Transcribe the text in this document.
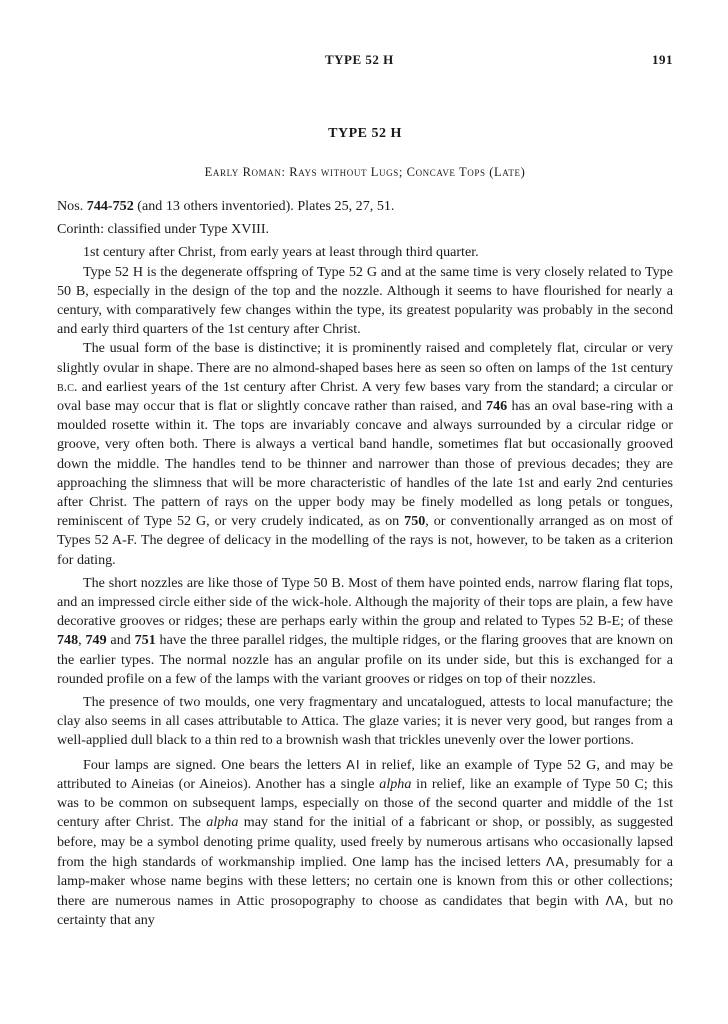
TYPE 52 H	191
TYPE 52 H
Early Roman: Rays without Lugs; Concave Tops (Late)

Nos. 744-752 (and 13 others inventoried). Plates 25, 27, 51.

Corinth: classified under Type XVIII.

1st century after Christ, from early years at least through third quarter.

Type 52 H is the degenerate offspring of Type 52 G and at the same time is very closely related to Type 50 B, especially in the design of the top and the nozzle. Although it seems to have flourished for nearly a century, with comparatively few changes within the type, its greatest popularity was probably in the second and early third quarters of the 1st century after Christ.

The usual form of the base is distinctive; it is prominently raised and completely flat, circular or very slightly ovular in shape. There are no almond-shaped bases here as seen so often on lamps of the 1st century b.c. and earliest years of the 1st century after Christ. A very few bases vary from the standard; a circular or oval base may occur that is flat or slightly concave rather than raised, and 746 has an oval base-ring with a moulded rosette within it. The tops are invariably concave and always surrounded by a circular ridge or groove, very often both. There is always a vertical band handle, sometimes flat but occasionally grooved down the middle. The handles tend to be thinner and narrower than those of previous decades; they are approaching the slimness that will be more characteristic of handles of the late 1st and early 2nd centuries after Christ. The pattern of rays on the upper body may be finely modelled as long petals or tongues, reminiscent of Type 52 G, or very crudely indicated, as on 750, or conventionally arranged as on most of Types 52 A-F. The degree of delicacy in the modelling of the rays is not, however, to be taken as a criterion for dating.

The short nozzles are like those of Type 50 B. Most of them have pointed ends, narrow flaring flat tops, and an impressed circle either side of the wick-hole. Although the majority of their tops are plain, a few have decorative grooves or ridges; these are perhaps early within the group and related to Types 52 B-E; of these 748, 749 and 751 have the three parallel ridges, the multiple ridges, or the flaring grooves that are known on the earlier types. The normal nozzle has an angular profile on its under side, but this is exchanged for a rounded profile on a few of the lamps with the variant grooves or ridges on top of their nozzles.

The presence of two moulds, one very fragmentary and uncatalogued, attests to local manufacture; the clay also seems in all cases attributable to Attica. The glaze varies; it is never very good, but ranges from a well-applied dull black to a thin red to a brownish wash that trickles unevenly over the lower portions.

Four lamps are signed. One bears the letters ΑΙ in relief, like an example of Type 52 G, and may be attributed to Aineias (or Aineios). Another has a single alpha in relief, like an example of Type 50 C; this was to be common on subsequent lamps, especially on those of the second quarter and middle of the 1st century after Christ. The alpha may stand for the initial of a fabricant or shop, or possibly, as suggested before, may be a symbol denoting prime quality, used freely by numerous artisans who occasionally lapsed from the high standards of workmanship implied. One lamp has the incised letters ΛΑ, presumably for a lamp-maker whose name begins with these letters; no certain one is known from this or other collections; there are numerous names in Attic prosopography to choose as candidates that begin with ΛΑ, but no certainty that any
